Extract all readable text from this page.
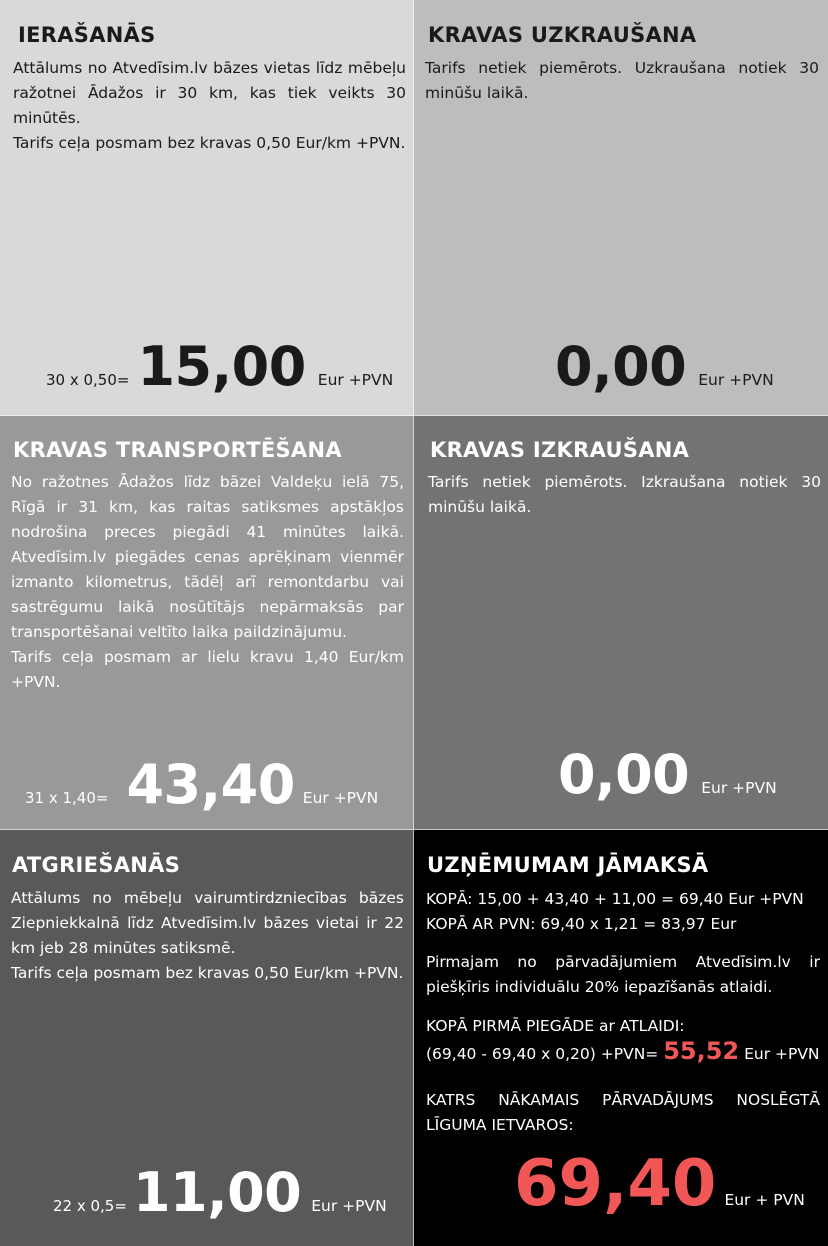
IERAŠANĀS

Attālums no Atvedīsim.lv bāzes vietas līdz mēbeļu ražotnei Ādažos ir 30 km, kas tiek veikts 30 minūtēs.

Tarifs ceļa posmam bez kravas 0,50 Eur/km +PVN.

30 x 0,50= 15,00 Eur +PVN
KRAVAS UZKRAUŠANA

Tarifs netiek piemērots. Uzkraušana notiek 30 minūšu laikā.

0,00 Eur +PVN
KRAVAS TRANSPORTĒŠANA

No ražotnes Ādažos līdz bāzei Valdeķu ielā 75, Rīgā ir 31 km, kas raitas satiksmes apstākļos nodrošina preces piegādi 41 minūtes laikā. Atvedīsim.lv piegādes cenas aprēķinam vienmēr izmanto kilometrus, tādēļ arī remontdarbu vai sastrēgumu laikā nosūtītājs nepārmaksās par transportēšanai veltīto laika paildzinājumu.

Tarifs ceļa posmam ar lielu kravu 1,40 Eur/km +PVN.

31 x 1,40= 43,40 Eur +PVN
KRAVAS IZKRAUŠANA

Tarifs netiek piemērots. Izkraušana notiek 30 minūšu laikā.

0,00 Eur +PVN
ATGRIEŠANĀS

Attālums no mēbeļu vairumtirdzniecības bāzes Ziepniekkalnā līdz Atvedīsim.lv bāzes vietai ir 22 km jeb 28 minūtes satiksmē.

Tarifs ceļa posmam bez kravas 0,50 Eur/km +PVN.

22 x 0,5= 11,00 Eur +PVN
UZŅĒMUMAM JĀMAKSĀ

KOPĀ: 15,00 + 43,40 + 11,00 = 69,40 Eur +PVN

KOPĀ AR PVN: 69,40 x 1,21 = 83,97 Eur

Pirmajam no pārvadājumiem Atvedīsim.lv ir piešķīris individuālu 20% iepazīšanās atlaidi.

KOPĀ PIRMĀ PIEGĀDE ar ATLAIDI:

(69,40 - 69,40 x 0,20) +PVN= 55,52 Eur +PVN

KATRS NĀKAMAIS PĀRVADĀJUMS NOSLĒGTĀ LĪGUMA IETVAROS:

69,40 Eur + PVN
